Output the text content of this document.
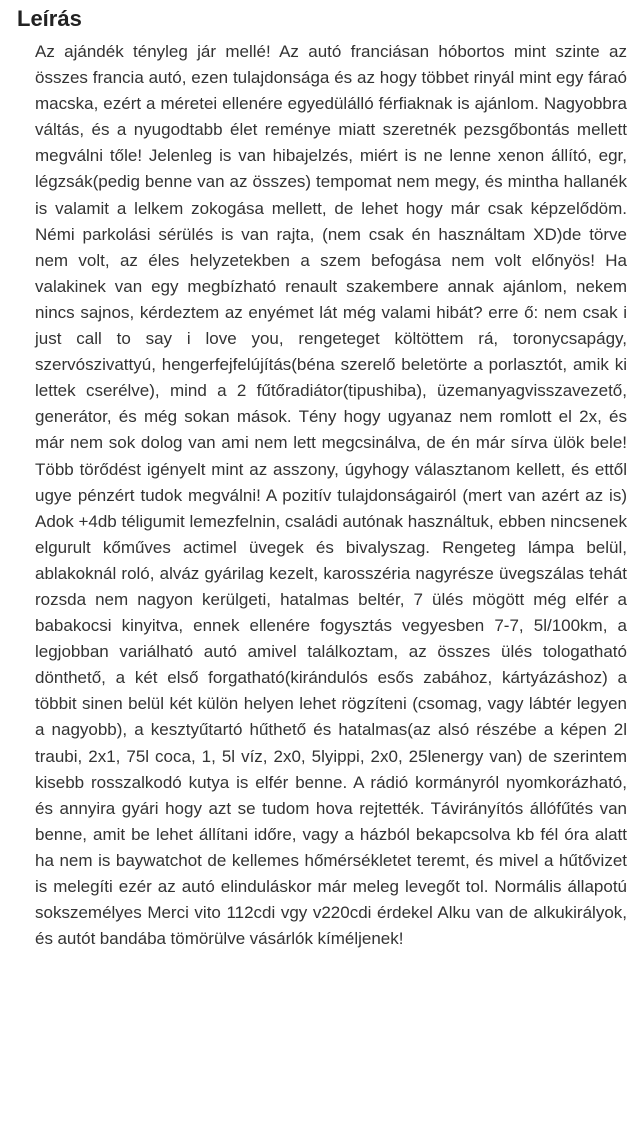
Leírás

Az ajándék tényleg jár mellé! Az autó franciásan hóbortos mint szinte az összes francia autó, ezen tulajdonsága és az hogy többet rinyál mint egy fáraó macska, ezért a méretei ellenére egyedülálló férfiaknak is ajánlom. Nagyobbra váltás, és a nyugodtabb élet reménye miatt szeretnék pezsgőbontás mellett megválni tőle! Jelenleg is van hibajelzés, miért is ne lenne xenon állító, egr, légzsák(pedig benne van az összes) tempomat nem megy, és mintha hallanék is valamit a lelkem zokogása mellett, de lehet hogy már csak képzelődöm. Némi parkolási sérülés is van rajta, (nem csak én használtam XD)de törve nem volt, az éles helyzetekben a szem befogása nem volt előnyös! Ha valakinek van egy megbízható renault szakembere annak ajánlom, nekem nincs sajnos, kérdeztem az enyémet lát még valami hibát? erre ő: nem csak i just call to say i love you, rengeteget költöttem rá, toronycsapágy, szervószivattyú, hengerfejfelújítás(béna szerelő beletörte a porlasztót, amik ki lettek cserélve), mind a 2 fűtőradiátor(tipushiba), üzemanyagvisszavezető, generátor, és még sokan mások. Tény hogy ugyanaz nem romlott el 2x, és már nem sok dolog van ami nem lett megcsinálva, de én már sírva ülök bele! Több törődést igényelt mint az asszony, úgyhogy választanom kellett, és ettől ugye pénzért tudok megválni! A pozitív tulajdonságairól (mert van azért az is) Adok +4db téligumit lemezfelnin, családi autónak használtuk, ebben nincsenek elgurult kőműves actimel üvegek és bivalyszag. Rengeteg lámpa belül, ablakoknál roló, alváz gyárilag kezelt, karosszéria nagyrésze üvegszálas tehát rozsda nem nagyon kerülgeti, hatalmas beltér, 7 ülés mögött még elfér a babakocsi kinyitva, ennek ellenére fogysztás vegyesben 7-7, 5l/100km, a legjobban variálható autó amivel találkoztam, az összes ülés tologatható dönthető, a két első forgatható(kirándulós esős zabához, kártyázáshoz) a többit sinen belül két külön helyen lehet rögzíteni (csomag, vagy lábtér legyen a nagyobb), a kesztyűtartó hűthető és hatalmas(az alsó részébe a képen 2l traubi, 2x1, 75l coca, 1, 5l víz, 2x0, 5lyippi, 2x0, 25lenergy van) de szerintem kisebb rosszalkodó kutya is elfér benne. A rádió kormányról nyomkorázható, és annyira gyári hogy azt se tudom hova rejtették. Távirányítós állófűtés van benne, amit be lehet állítani időre, vagy a házból bekapcsolva kb fél óra alatt ha nem is baywatchot de kellemes hőmérsékletet teremt, és mivel a hűtővizet is melegíti ezér az autó elinduláskor már meleg levegőt tol. Normális állapotú sokszemélyes Merci vito 112cdi vgy v220cdi érdekel Alku van de alkukirályok, és autót bandába tömörülve vásárlók kíméljenek!
